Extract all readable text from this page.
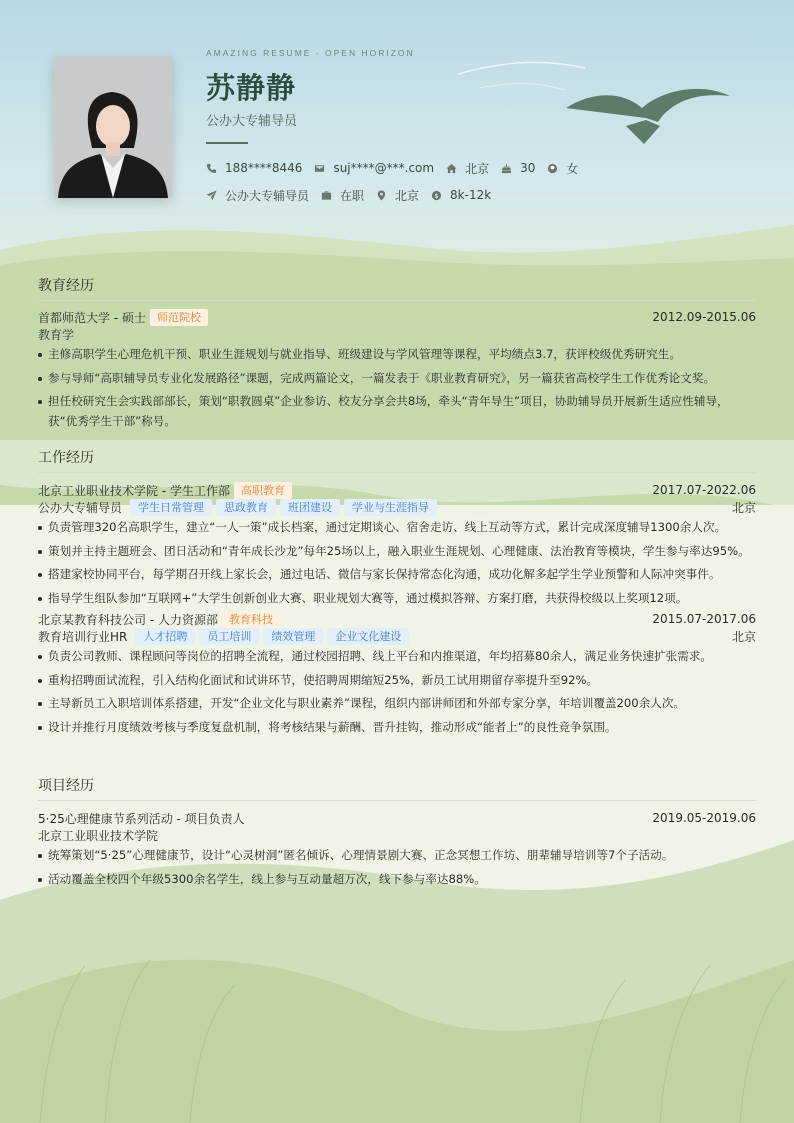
AMAZING RESUME · OPEN HORIZON
苏静静
公办大专辅导员
188****8446	suj****@***.com	北京	30	女
公办大专辅导员	在职	北京 $ 8k-12k
教育经历
首都师范大学 - 硕士	师范院校	2012.09-2015.06
教育学
主修高职学生心理危机干预、职业生涯规划与就业指导、班级建设与学风管理等课程，平均绩点3.7，获评校级优秀研究生。
参与导师“高职辅导员专业化发展路径”课题，完成两篇论文，一篇发表于《职业教育研究》，另一篇获省高校学生工作优秀论文奖。
担任校研究生会实践部部长，策划“职教圆桌”企业参访、校友分享会共8场，牵头“青年导生”项目，协助辅导员开展新生适应性辅导，获“优秀学生干部”称号。
工作经历
北京工业职业技术学院 - 学生工作部	高职教育	2017.07-2022.06
公办大专辅导员	学生日常管理	思政教育	班团建设	学业与生涯指导	北京
负责管理320名高职学生，建立“一人一策”成长档案，通过定期谈心、宿舍走访、线上互动等方式，累计完成深度辅导1300余人次。
策划并主持主题班会、团日活动和“青年成长沙龙”每年25场以上，融入职业生涯规划、心理健康、法治教育等模块，学生参与率达95%。
搭建家校协同平台，每学期召开线上家长会，通过电话、微信与家长保持常态化沟通，成功化解多起学生学业预警和人际冲突事件。
指导学生组队参加“互联网+”大学生创新创业大赛、职业规划大赛等，通过模拟答辩、方案打磨，共获得校级以上奖项12项。
北京某教育科技公司 - 人力资源部	教育科技	2015.07-2017.06
教育培训行业HR	人才招聘	员工培训	绩效管理	企业文化建设	北京
负责公司教师、课程顾问等岗位的招聘全流程，通过校园招聘、线上平台和内推渠道，年均招募80余人，满足业务快速扩张需求。
重构招聘面试流程，引入结构化面试和试讲环节，使招聘周期缩短25%，新员工试用期留存率提升至92%。
主导新员工入职培训体系搭建，开发“企业文化与职业素养”课程，组织内部讲师团和外部专家分享，年培训覆盖200余人次。
设计并推行月度绩效考核与季度复盘机制，将考核结果与薪酬、晋升挂钩，推动形成“能者上”的良性竞争氛围。
项目经历
5·25心理健康节系列活动 - 项目负责人	2019.05-2019.06
北京工业职业技术学院
统筹策划“5·25”心理健康节，设计“心灵树洞”匿名倾诉、心理情景剧大赛、正念冥想工作坊、朋辈辅导培训等7个子活动。
活动覆盖全校四个年级5300余名学生，线上参与互动量超万次，线下参与率达88%。
